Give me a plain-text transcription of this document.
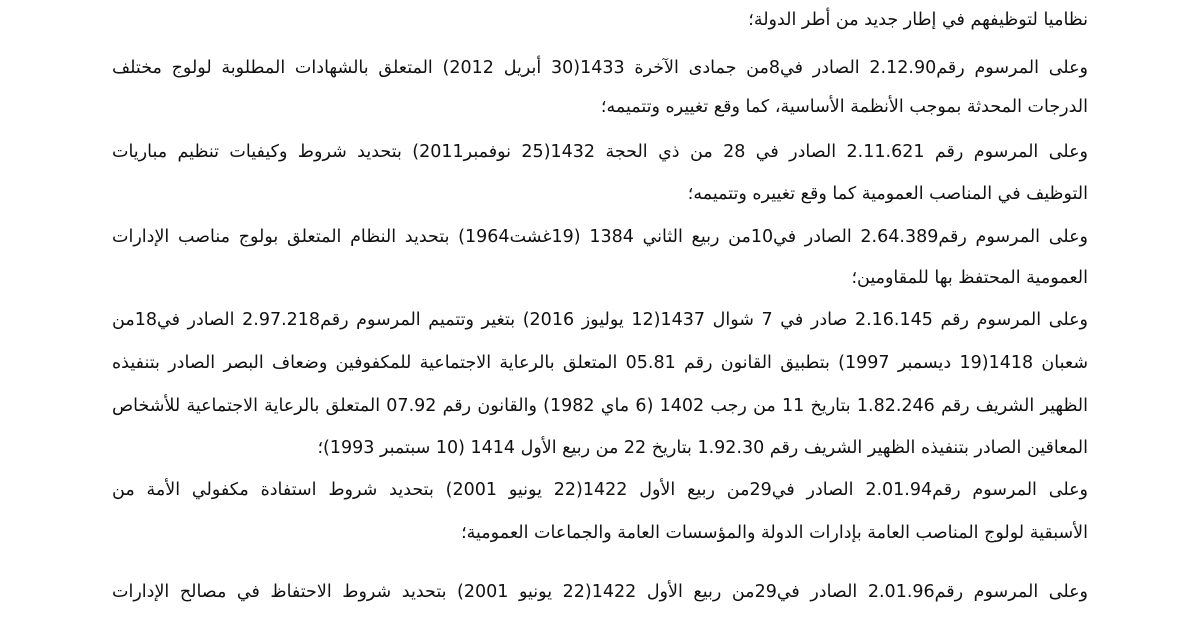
نظاميا لتوظيفهم في إطار جديد من أطر الدولة؛
وعلى المرسوم رقم2.12.90 الصادر في8من جمادى الآخرة 1433(30 أبريل 2012) المتعلق بالشهادات المطلوبة لولوج مختلف
الدرجات المحدثة بموجب الأنظمة الأساسية، كما وقع تغييره وتتميمه؛
وعلى المرسوم رقم 2.11.621 الصادر في 28 من ذي الحجة 1432(25 نوفمبر2011) بتحديد شروط وكيفيات تنظيم مباريات
التوظيف في المناصب العمومية كما وقع تغييره وتتميمه؛
وعلى المرسوم رقم2.64.389 الصادر في10من ربيع الثاني 1384 (19غشت1964) بتحديد النظام المتعلق بولوج مناصب الإدارات
العمومية المحتفظ بها للمقاومين؛
وعلى المرسوم رقم 2.16.145 صادر في 7 شوال 1437(12 يوليوز 2016) بتغير وتتميم المرسوم رقم2.97.218 الصادر في18من
شعبان 1418(19 ديسمبر 1997) بتطبيق القانون رقم 05.81 المتعلق بالرعاية الاجتماعية للمكفوفين وضعاف البصر الصادر بتنفيذه
الظهير الشريف رقم 1.82.246 بتاريخ 11 من رجب 1402 (6 ماي 1982) والقانون رقم 07.92 المتعلق بالرعاية الاجتماعية للأشخاص
المعاقين الصادر بتنفيذه الظهير الشريف رقم 1.92.30 بتاريخ 22 من ربيع الأول 1414 (10 سبتمبر 1993)؛
وعلى المرسوم رقم2.01.94 الصادر في29من ربيع الأول 1422(22 يونيو 2001) بتحديد شروط استفادة مكفولي الأمة من
الأسبقية لولوج المناصب العامة بإدارات الدولة والمؤسسات العامة والجماعات العمومية؛
وعلى المرسوم رقم2.01.96 الصادر في29من ربيع الأول 1422(22 يونيو 2001) بتحديد شروط الاحتفاظ في مصالح الإدارات
